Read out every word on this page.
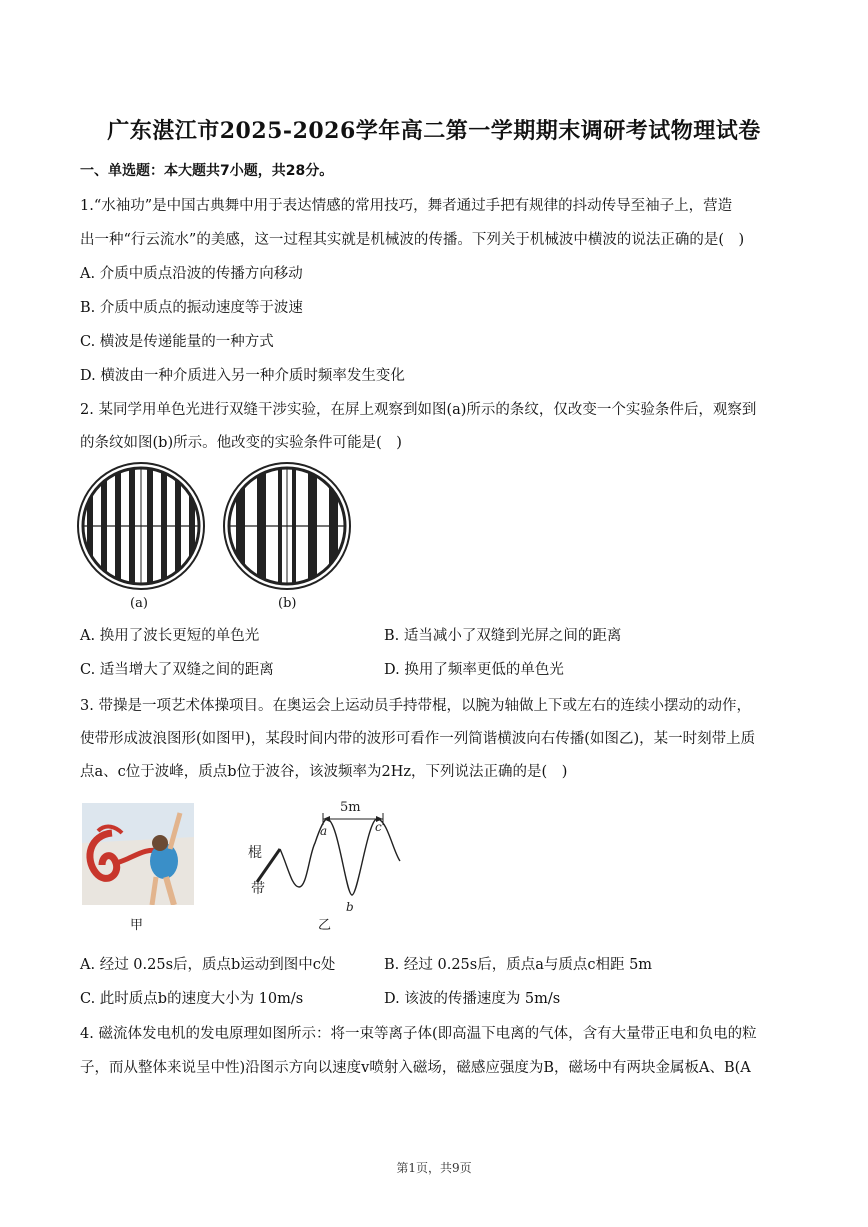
广东湛江市2025-2026学年高二第一学期期末调研考试物理试卷
一、单选题：本大题共7小题，共28分。
1.“水袖功”是中国古典舞中用于表达情感的常用技巧，舞者通过手把有规律的抖动传导至袖子上，营造
出一种“行云流水”的美感，这一过程其实就是机械波的传播。下列关于机械波中横波的说法正确的是(　)
A. 介质中质点沿波的传播方向移动
B. 介质中质点的振动速度等于波速
C. 横波是传递能量的一种方式
D. 横波由一种介质进入另一种介质时频率发生变化
2. 某同学用单色光进行双缝干涉实验，在屏上观察到如图(a)所示的条纹，仅改变一个实验条件后，观察到
的条纹如图(b)所示。他改变的实验条件可能是(　)
(a)	(b)
A. 换用了波长更短的单色光	B. 适当减小了双缝到光屏之间的距离
C. 适当增大了双缝之间的距离	D. 换用了频率更低的单色光
3. 带操是一项艺术体操项目。在奥运会上运动员手持带棍，以腕为轴做上下或左右的连续小摆动的动作，
使带形成波浪图形(如图甲)，某段时间内带的波形可看作一列简谐横波向右传播(如图乙)，某一时刻带上质
点a、c位于波峰，质点b位于波谷，该波频率为2Hz，下列说法正确的是(　)
甲
5m
棍
带
a
b
c
乙
A. 经过 0.25s后，质点b运动到图中c处	B. 经过 0.25s后，质点a与质点c相距 5m
C. 此时质点b的速度大小为 10m/s	D. 该波的传播速度为 5m/s
4. 磁流体发电机的发电原理如图所示：将一束等离子体(即高温下电离的气体，含有大量带正电和负电的粒
子，而从整体来说呈中性)沿图示方向以速度v喷射入磁场，磁感应强度为B，磁场中有两块金属板A、B(A
第1页，共9页
